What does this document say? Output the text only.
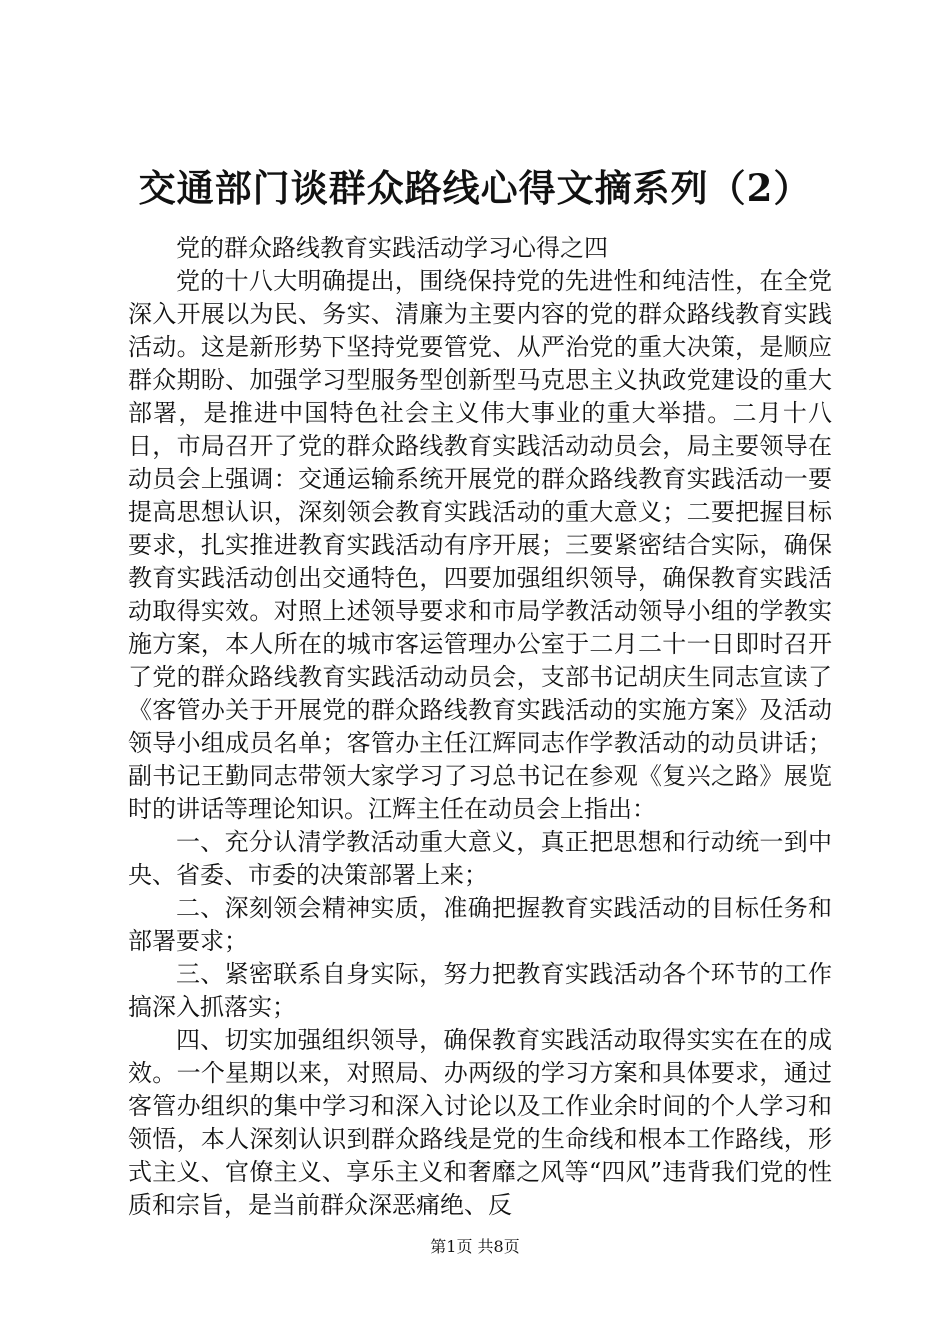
交通部门谈群众路线心得文摘系列（2）

党的群众路线教育实践活动学习心得之四

党的十八大明确提出，围绕保持党的先进性和纯洁性，在全党深入开展以为民、务实、清廉为主要内容的党的群众路线教育实践活动。这是新形势下坚持党要管党、从严治党的重大决策，是顺应群众期盼、加强学习型服务型创新型马克思主义执政党建设的重大部署，是推进中国特色社会主义伟大事业的重大举措。二月十八日，市局召开了党的群众路线教育实践活动动员会，局主要领导在动员会上强调：交通运输系统开展党的群众路线教育实践活动一要提高思想认识，深刻领会教育实践活动的重大意义；二要把握目标要求，扎实推进教育实践活动有序开展；三要紧密结合实际，确保教育实践活动创出交通特色，四要加强组织领导，确保教育实践活动取得实效。对照上述领导要求和市局学教活动领导小组的学教实施方案，本人所在的城市客运管理办公室于二月二十一日即时召开了党的群众路线教育实践活动动员会，支部书记胡庆生同志宣读了《客管办关于开展党的群众路线教育实践活动的实施方案》及活动领导小组成员名单；客管办主任江辉同志作学教活动的动员讲话；副书记王勤同志带领大家学习了习总书记在参观《复兴之路》展览时的讲话等理论知识。江辉主任在动员会上指出：

一、充分认清学教活动重大意义，真正把思想和行动统一到中央、省委、市委的决策部署上来；

二、深刻领会精神实质，准确把握教育实践活动的目标任务和部署要求；

三、紧密联系自身实际，努力把教育实践活动各个环节的工作搞深入抓落实；

四、切实加强组织领导，确保教育实践活动取得实实在在的成效。一个星期以来，对照局、办两级的学习方案和具体要求，通过客管办组织的集中学习和深入讨论以及工作业余时间的个人学习和领悟，本人深刻认识到群众路线是党的生命线和根本工作路线，形式主义、官僚主义、享乐主义和奢靡之风等“四风”违背我们党的性质和宗旨，是当前群众深恶痛绝、反

第1页 共8页
